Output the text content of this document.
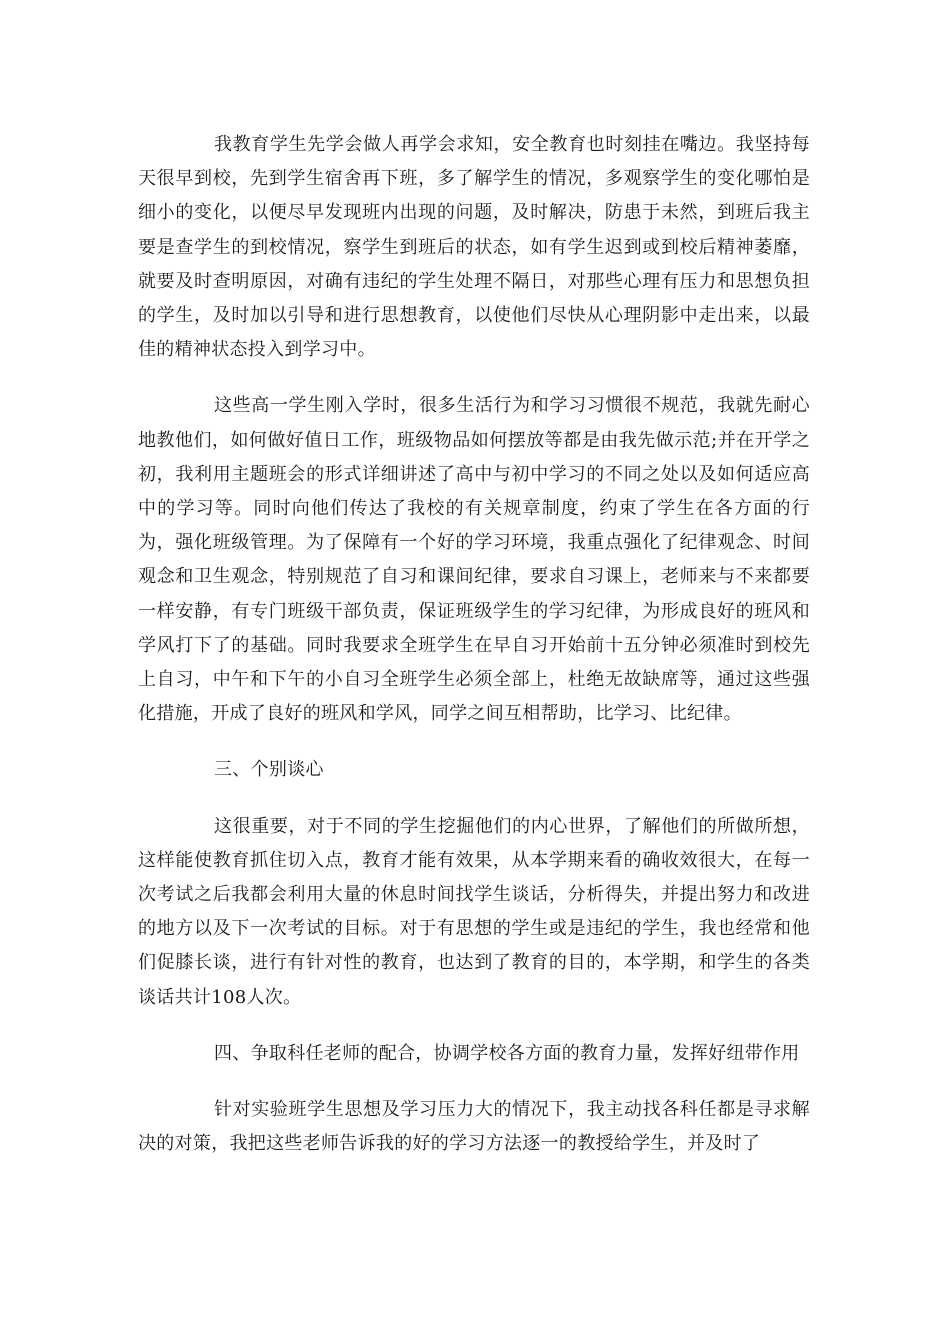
我教育学生先学会做人再学会求知，安全教育也时刻挂在嘴边。我坚持每天很早到校，先到学生宿舍再下班，多了解学生的情况，多观察学生的变化哪怕是细小的变化，以便尽早发现班内出现的问题，及时解决，防患于未然，到班后我主要是查学生的到校情况，察学生到班后的状态，如有学生迟到或到校后精神萎靡，就要及时查明原因，对确有违纪的学生处理不隔日，对那些心理有压力和思想负担的学生，及时加以引导和进行思想教育，以使他们尽快从心理阴影中走出来，以最佳的精神状态投入到学习中。

这些高一学生刚入学时，很多生活行为和学习习惯很不规范，我就先耐心地教他们，如何做好值日工作，班级物品如何摆放等都是由我先做示范;并在开学之初，我利用主题班会的形式详细讲述了高中与初中学习的不同之处以及如何适应高中的学习等。同时向他们传达了我校的有关规章制度，约束了学生在各方面的行为，强化班级管理。为了保障有一个好的学习环境，我重点强化了纪律观念、时间观念和卫生观念，特别规范了自习和课间纪律，要求自习课上，老师来与不来都要一样安静，有专门班级干部负责，保证班级学生的学习纪律，为形成良好的班风和学风打下了的基础。同时我要求全班学生在早自习开始前十五分钟必须准时到校先上自习，中午和下午的小自习全班学生必须全部上，杜绝无故缺席等，通过这些强化措施，开成了良好的班风和学风，同学之间互相帮助，比学习、比纪律。

三、个别谈心

这很重要，对于不同的学生挖掘他们的内心世界，了解他们的所做所想，这样能使教育抓住切入点，教育才能有效果，从本学期来看的确收效很大，在每一次考试之后我都会利用大量的休息时间找学生谈话，分析得失，并提出努力和改进的地方以及下一次考试的目标。对于有思想的学生或是违纪的学生，我也经常和他们促膝长谈，进行有针对性的教育，也达到了教育的目的，本学期，和学生的各类谈话共计108人次。

四、争取科任老师的配合，协调学校各方面的教育力量，发挥好纽带作用

针对实验班学生思想及学习压力大的情况下，我主动找各科任都是寻求解决的对策，我把这些老师告诉我的好的学习方法逐一的教授给学生，并及时了
